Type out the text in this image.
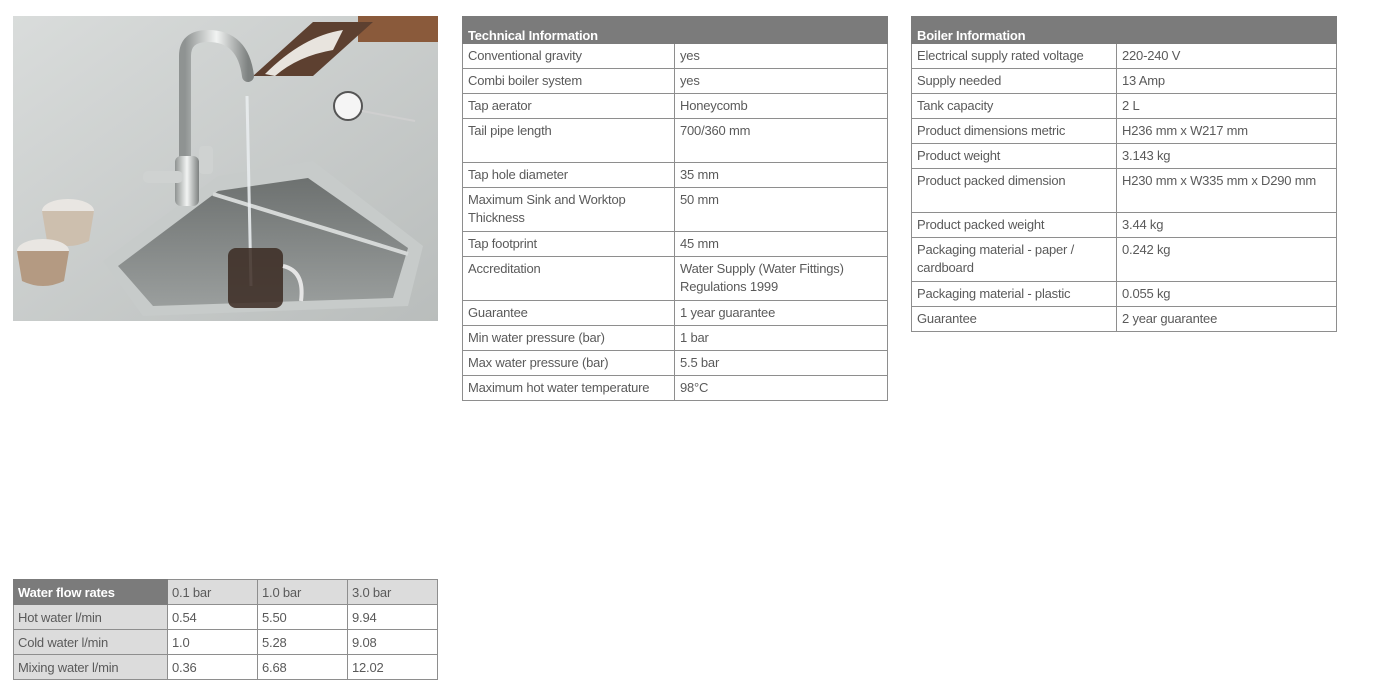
Technical Information	
Conventional gravity	yes
Combi boiler system	yes
Tap aerator	Honeycomb
Tail pipe length	700/360 mm
Tap hole diameter	35 mm
Maximum Sink and Worktop Thickness	50 mm
Tap footprint	45 mm
Accreditation	Water Supply (Water Fittings) Regulations 1999
Guarantee	1 year guarantee
Min water pressure (bar)	1 bar
Max water pressure (bar)	5.5 bar
Maximum hot water temperature	98°C
Boiler Information	
Electrical supply rated voltage	220-240 V
Supply needed	13 Amp
Tank capacity	2 L
Product dimensions metric	H236 mm x W217 mm
Product weight	3.143 kg
Product packed dimension	H230 mm x W335 mm x D290 mm
Product packed weight	3.44 kg
Packaging material - paper / cardboard	0.242 kg
Packaging material - plastic	0.055 kg
Guarantee	2 year guarantee
Water flow rates	0.1 bar	1.0 bar	3.0 bar
Hot water l/min	0.54	5.50	9.94
Cold water l/min	1.0	5.28	9.08
Mixing water l/min	0.36	6.68	12.02
